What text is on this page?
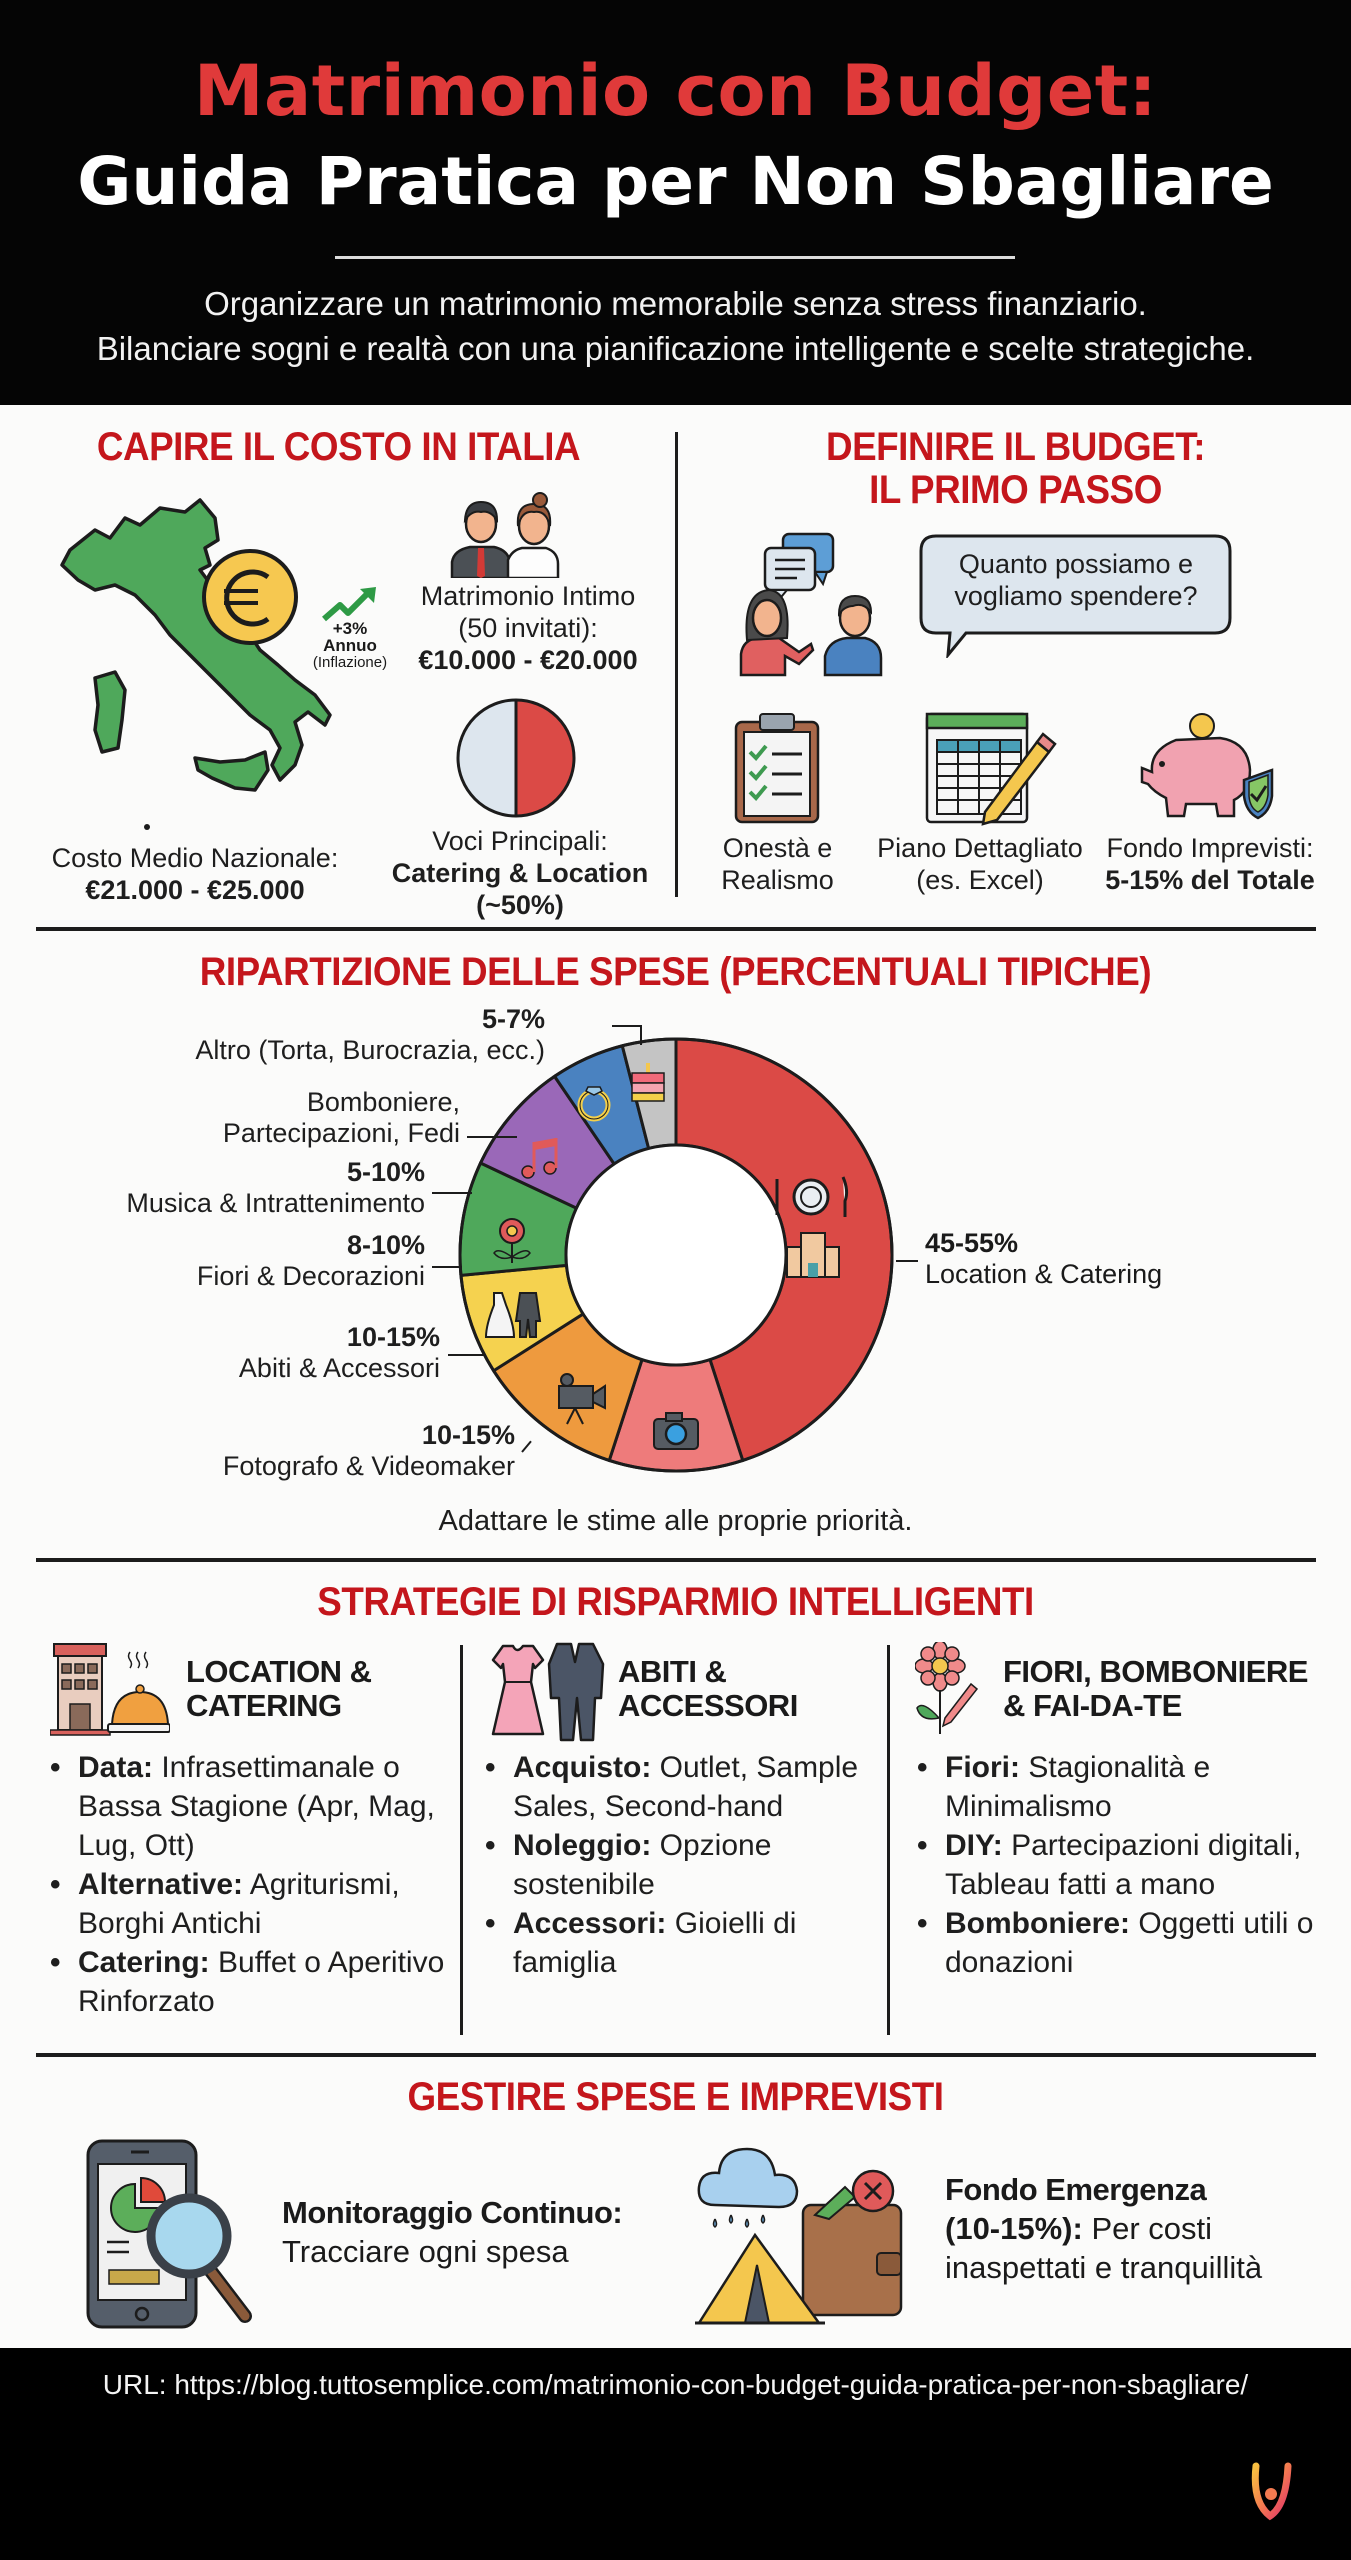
Matrimonio con Budget:
Guida Pratica per Non Sbagliare
Organizzare un matrimonio memorabile senza stress finanziario.
Bilanciare sogni e realtà con una pianificazione intelligente e scelte strategiche.
CAPIRE IL COSTO IN ITALIA
+3%
Annuo
(Inflazione)
Matrimonio Intimo
(50 invitati):
€10.000 - €20.000
Costo Medio Nazionale:
€21.000 - €25.000
Voci Principali:
Catering & Location
(~50%)
DEFINIRE IL BUDGET:
IL PRIMO PASSO
Quanto possiamo e
vogliamo spendere?
Onestà e
Realismo
Piano Dettagliato
(es. Excel)
Fondo Imprevisti:
5-15% del Totale
RIPARTIZIONE DELLE SPESE (PERCENTUALI TIPICHE)
5-7%
Altro (Torta, Burocrazia, ecc.)
Bomboniere,
Partecipazioni, Fedi
5-10%
Musica & Intrattenimento
8-10%
Fiori & Decorazioni
10-15%
Abiti & Accessori
10-15%
Fotografo & Videomaker
45-55%
Location & Catering
Adattare le stime alle proprie priorità.
STRATEGIE DI RISPARMIO INTELLIGENTI
LOCATION &
CATERING
• Data: Infrasettimanale o Bassa Stagione (Apr, Mag, Lug, Ott)
• Alternative: Agriturismi, Borghi Antichi
• Catering: Buffet o Aperitivo Rinforzato
ABITI &
ACCESSORI
• Acquisto: Outlet, Sample Sales, Second-hand
• Noleggio: Opzione sostenibile
• Accessori: Gioielli di famiglia
FIORI, BOMBONIERE
& FAI-DA-TE
• Fiori: Stagionalità e Minimalismo
• DIY: Partecipazioni digitali, Tableau fatti a mano
• Bomboniere: Oggetti utili o donazioni
GESTIRE SPESE E IMPREVISTI
Monitoraggio Continuo:
Tracciare ogni spesa
Fondo Emergenza
(10-15%): Per costi
inaspettati e tranquillità
URL: https://blog.tuttosemplice.com/matrimonio-con-budget-guida-pratica-per-non-sbagliare/
